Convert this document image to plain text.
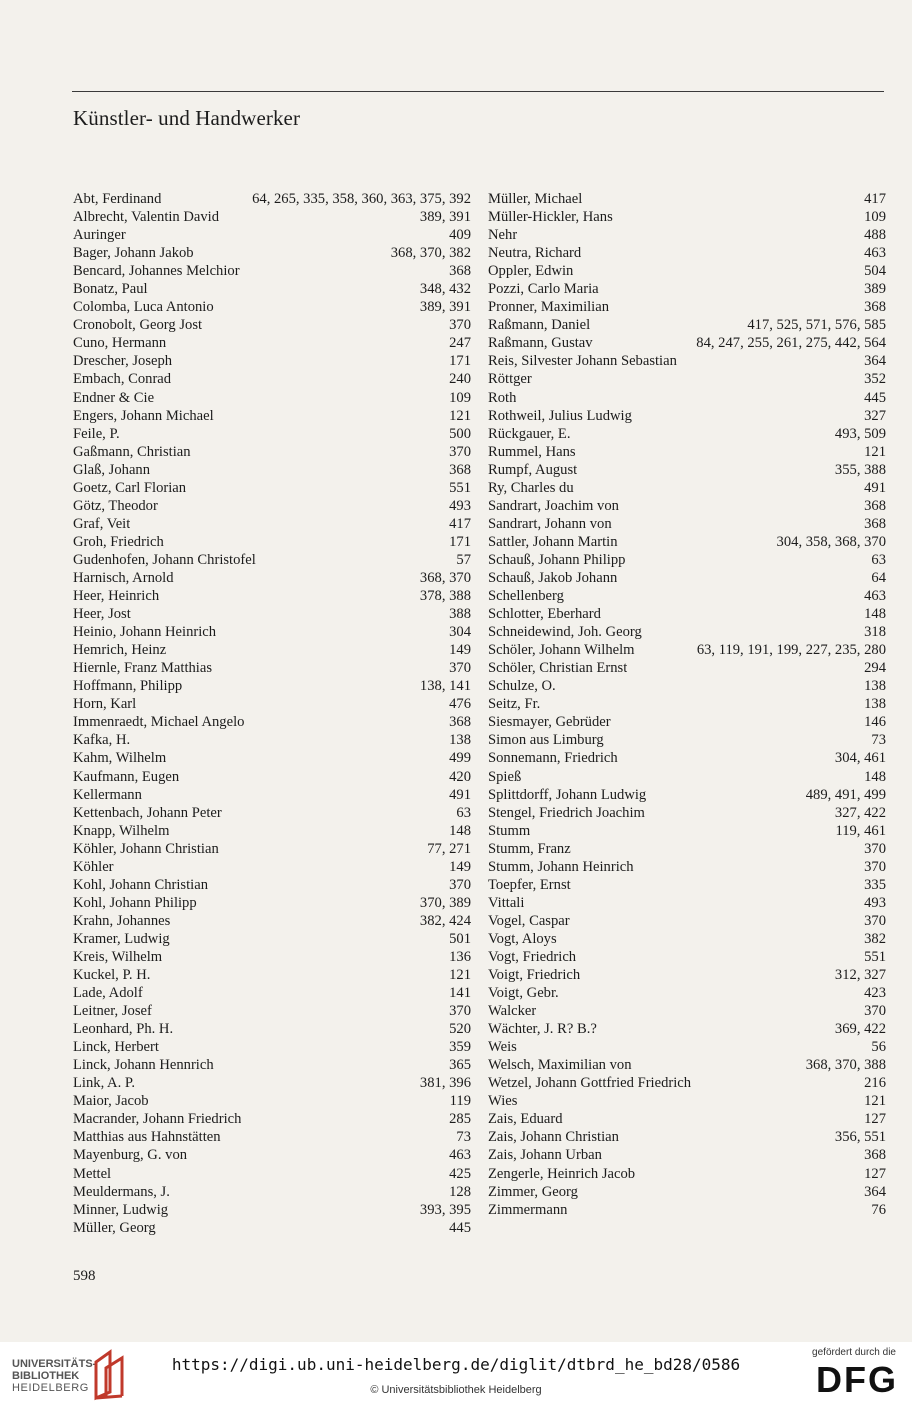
Künstler- und Handwerker
Abt, Ferdinand	64, 265, 335, 358, 360, 363, 375, 392
Albrecht, Valentin David	389, 391
Auringer	409
Bager, Johann Jakob	368, 370, 382
Bencard, Johannes Melchior	368
Bonatz, Paul	348, 432
Colomba, Luca Antonio	389, 391
Cronobolt, Georg Jost	370
Cuno, Hermann	247
Drescher, Joseph	171
Embach, Conrad	240
Endner & Cie	109
Engers, Johann Michael	121
Feile, P.	500
Gaßmann, Christian	370
Glaß, Johann	368
Goetz, Carl Florian	551
Götz, Theodor	493
Graf, Veit	417
Groh, Friedrich	171
Gudenhofen, Johann Christofel	57
Harnisch, Arnold	368, 370
Heer, Heinrich	378, 388
Heer, Jost	388
Heinio, Johann Heinrich	304
Hemrich, Heinz	149
Hiernle, Franz Matthias	370
Hoffmann, Philipp	138, 141
Horn, Karl	476
Immenraedt, Michael Angelo	368
Kafka, H.	138
Kahm, Wilhelm	499
Kaufmann, Eugen	420
Kellermann	491
Kettenbach, Johann Peter	63
Knapp, Wilhelm	148
Köhler, Johann Christian	77, 271
Köhler	149
Kohl, Johann Christian	370
Kohl, Johann Philipp	370, 389
Krahn, Johannes	382, 424
Kramer, Ludwig	501
Kreis, Wilhelm	136
Kuckel, P. H.	121
Lade, Adolf	141
Leitner, Josef	370
Leonhard, Ph. H.	520
Linck, Herbert	359
Linck, Johann Hennrich	365
Link, A. P.	381, 396
Maior, Jacob	119
Macrander, Johann Friedrich	285
Matthias aus Hahnstätten	73
Mayenburg, G. von	463
Mettel	425
Meuldermans, J.	128
Minner, Ludwig	393, 395
Müller, Georg	445
Müller, Michael	417
Müller-Hickler, Hans	109
Nehr	488
Neutra, Richard	463
Oppler, Edwin	504
Pozzi, Carlo Maria	389
Pronner, Maximilian	368
Raßmann, Daniel	417, 525, 571, 576, 585
Raßmann, Gustav	84, 247, 255, 261, 275, 442, 564
Reis, Silvester Johann Sebastian	364
Röttger	352
Roth	445
Rothweil, Julius Ludwig	327
Rückgauer, E.	493, 509
Rummel, Hans	121
Rumpf, August	355, 388
Ry, Charles du	491
Sandrart, Joachim von	368
Sandrart, Johann von	368
Sattler, Johann Martin	304, 358, 368, 370
Schauß, Johann Philipp	63
Schauß, Jakob Johann	64
Schellenberg	463
Schlotter, Eberhard	148
Schneidewind, Joh. Georg	318
Schöler, Johann Wilhelm	63, 119, 191, 199, 227, 235, 280
Schöler, Christian Ernst	294
Schulze, O.	138
Seitz, Fr.	138
Siesmayer, Gebrüder	146
Simon aus Limburg	73
Sonnemann, Friedrich	304, 461
Spieß	148
Splittdorff, Johann Ludwig	489, 491, 499
Stengel, Friedrich Joachim	327, 422
Stumm	119, 461
Stumm, Franz	370
Stumm, Johann Heinrich	370
Toepfer, Ernst	335
Vittali	493
Vogel, Caspar	370
Vogt, Aloys	382
Vogt, Friedrich	551
Voigt, Friedrich	312, 327
Voigt, Gebr.	423
Walcker	370
Wächter, J. R? B.?	369, 422
Weis	56
Welsch, Maximilian von	368, 370, 388
Wetzel, Johann Gottfried Friedrich	216
Wies	121
Zais, Eduard	127
Zais, Johann Christian	356, 551
Zais, Johann Urban	368
Zengerle, Heinrich Jacob	127
Zimmer, Georg	364
Zimmermann	76
598
UNIVERSITÄTS-
BIBLIOTHEK
HEIDELBERG
https://digi.ub.uni-heidelberg.de/diglit/dtbrd_he_bd28/0586
© Universitätsbibliothek Heidelberg
gefördert durch die
DFG
